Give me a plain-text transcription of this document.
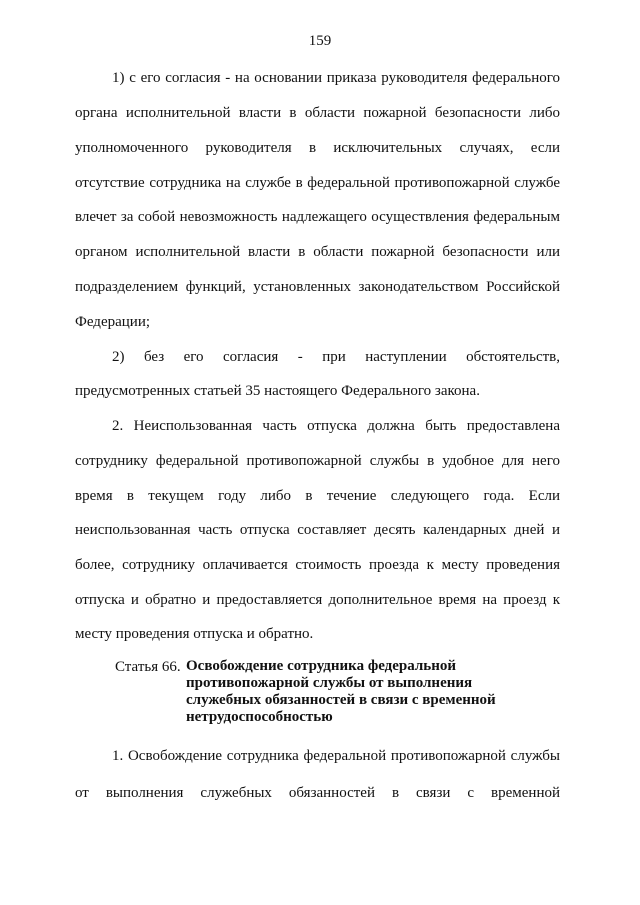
159
1) с его согласия - на основании приказа руководителя федерального
органа исполнительной власти в области пожарной безопасности либо
уполномоченного руководителя в исключительных случаях, если
отсутствие сотрудника на службе в федеральной противопожарной службе
влечет за собой невозможность надлежащего осуществления федеральным
органом исполнительной власти в области пожарной безопасности или
подразделением функций, установленных законодательством Российской
Федерации;
2) без его согласия - при наступлении обстоятельств,
предусмотренных статьей 35 настоящего Федерального закона.
2. Неиспользованная часть отпуска должна быть предоставлена
сотруднику федеральной противопожарной службы в удобное для него
время в текущем году либо в течение следующего года. Если
неиспользованная часть отпуска составляет десять календарных дней и
более, сотруднику оплачивается стоимость проезда к месту проведения
отпуска и обратно и предоставляется дополнительное время на проезд к
месту проведения отпуска и обратно.
Статья 66. Освобождение сотрудника федеральной
противопожарной службы от выполнения
служебных обязанностей в связи с временной
нетрудоспособностью
1. Освобождение сотрудника федеральной противопожарной службы
от выполнения служебных обязанностей в связи с временной
